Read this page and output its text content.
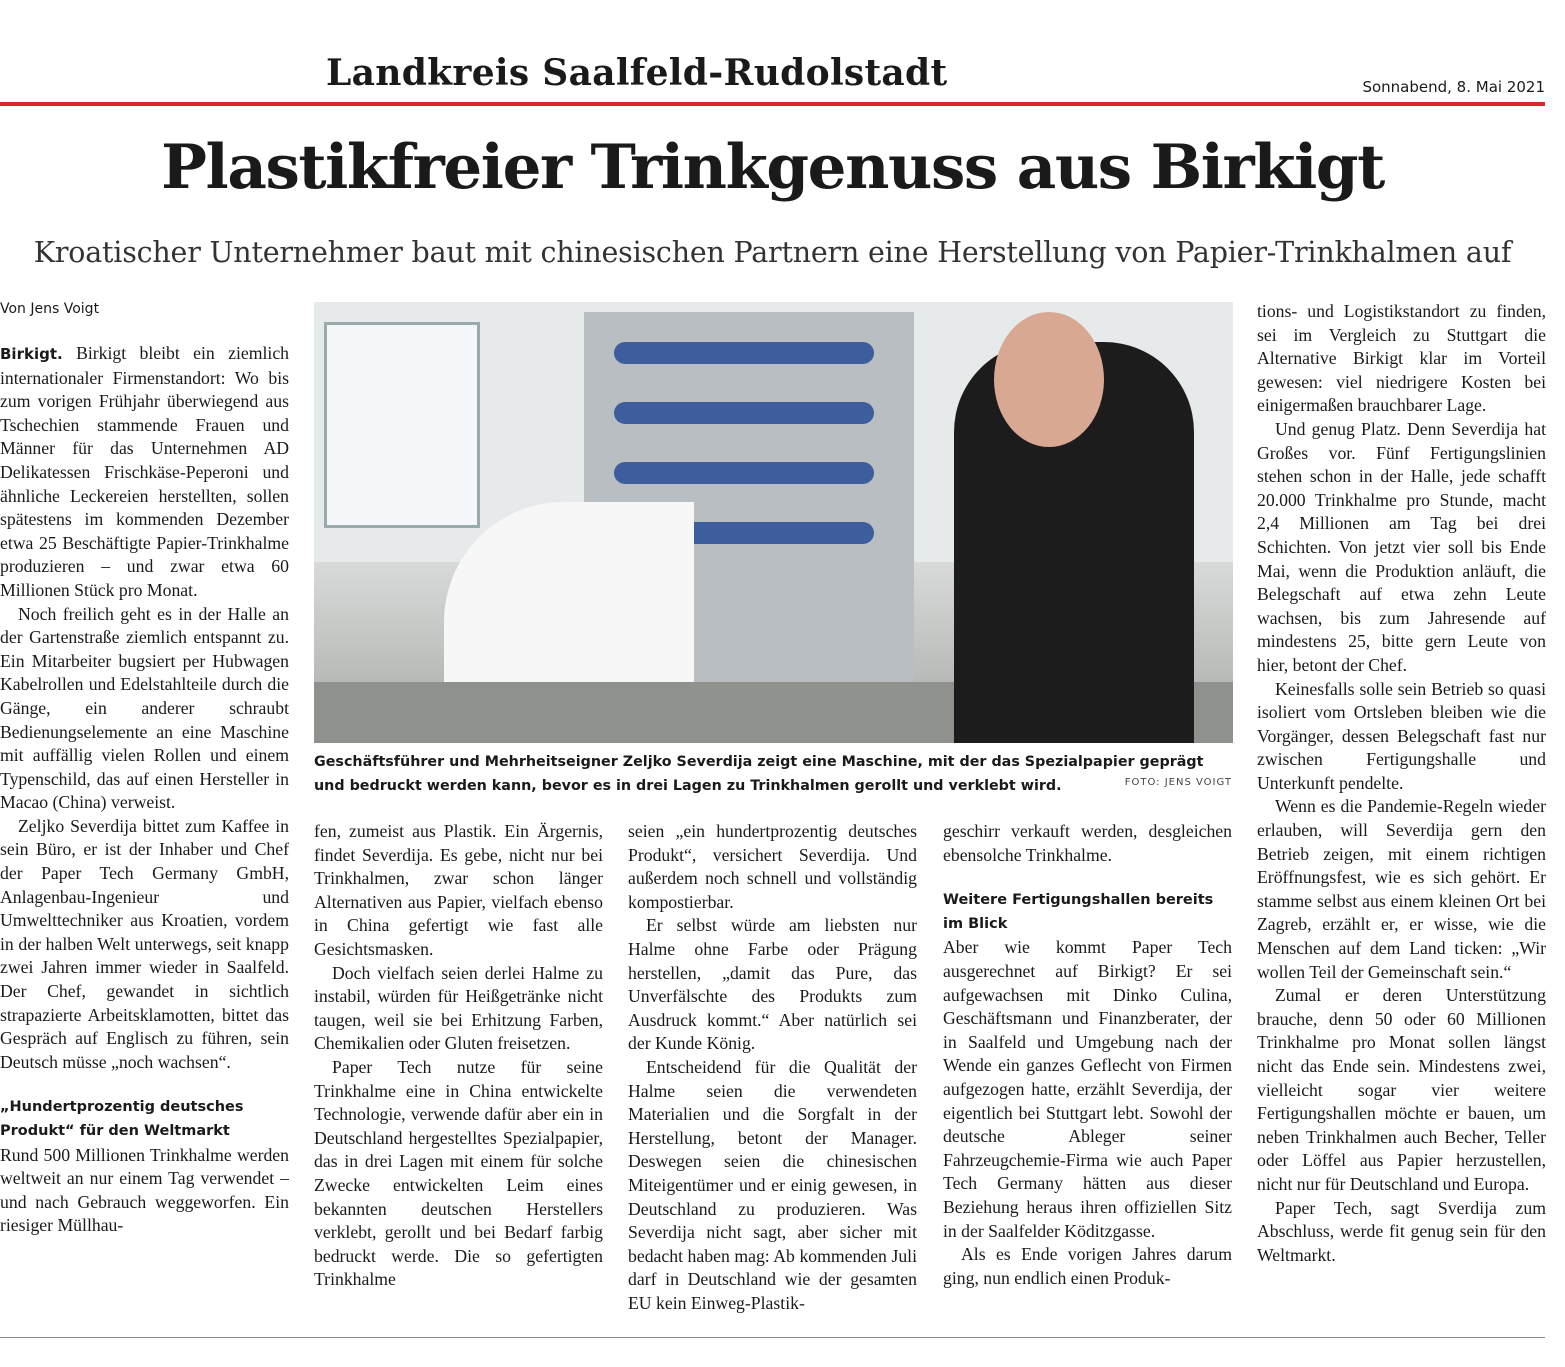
Landkreis Saalfeld-Rudolstadt	Sonnabend, 8. Mai 2021
Plastikfreier Trinkgenuss aus Birkigt
Kroatischer Unternehmer baut mit chinesischen Partnern eine Herstellung von Papier-Trinkhalmen auf
Von Jens Voigt

Birkigt. Birkigt bleibt ein ziemlich internationaler Firmenstandort: Wo bis zum vorigen Frühjahr überwiegend aus Tschechien stammende Frauen und Männer für das Unternehmen AD Delikatessen Frischkäse-Peperoni und ähnliche Leckereien herstellten, sollen spätestens im kommenden Dezember etwa 25 Beschäftigte Papier-Trinkhalme produzieren – und zwar etwa 60 Millionen Stück pro Monat.

Noch freilich geht es in der Halle an der Gartenstraße ziemlich entspannt zu. Ein Mitarbeiter bugsiert per Hubwagen Kabelrollen und Edelstahlteile durch die Gänge, ein anderer schraubt Bedienungselemente an eine Maschine mit auffällig vielen Rollen und einem Typenschild, das auf einen Hersteller in Macao (China) verweist.

Zeljko Severdija bittet zum Kaffee in sein Büro, er ist der Inhaber und Chef der Paper Tech Germany GmbH, Anlagenbau-Ingenieur und Umwelttechniker aus Kroatien, vordem in der halben Welt unterwegs, seit knapp zwei Jahren immer wieder in Saalfeld. Der Chef, gewandet in sichtlich strapazierte Arbeitsklamotten, bittet das Gespräch auf Englisch zu führen, sein Deutsch müsse „noch wachsen“.

„Hundertprozentig deutsches Produkt“ für den Weltmarkt

Rund 500 Millionen Trinkhalme werden weltweit an nur einem Tag verwendet – und nach Gebrauch weggeworfen. Ein riesiger Müllhau-

Geschäftsführer und Mehrheitseigner Zeljko Severdija zeigt eine Maschine, mit der das Spezialpapier geprägt und bedruckt werden kann, bevor es in drei Lagen zu Trinkhalmen gerollt und verklebt wird.	FOTO: JENS VOIGT

fen, zumeist aus Plastik. Ein Ärgernis, findet Severdija. Es gebe, nicht nur bei Trinkhalmen, zwar schon länger Alternativen aus Papier, vielfach ebenso in China gefertigt wie fast alle Gesichtsmasken.

Doch vielfach seien derlei Halme zu instabil, würden für Heißgetränke nicht taugen, weil sie bei Erhitzung Farben, Chemikalien oder Gluten freisetzen.

Paper Tech nutze für seine Trinkhalme eine in China entwickelte Technologie, verwende dafür aber ein in Deutschland hergestelltes Spezialpapier, das in drei Lagen mit einem für solche Zwecke entwickelten Leim eines bekannten deutschen Herstellers verklebt, gerollt und bei Bedarf farbig bedruckt werde. Die so gefertigten Trinkhalme

seien „ein hundertprozentig deutsches Produkt“, versichert Severdija. Und außerdem noch schnell und vollständig kompostierbar.

Er selbst würde am liebsten nur Halme ohne Farbe oder Prägung herstellen, „damit das Pure, das Unverfälschte des Produkts zum Ausdruck kommt.“ Aber natürlich sei der Kunde König.

Entscheidend für die Qualität der Halme seien die verwendeten Materialien und die Sorgfalt in der Herstellung, betont der Manager. Deswegen seien die chinesischen Miteigentümer und er einig gewesen, in Deutschland zu produzieren. Was Severdija nicht sagt, aber sicher mit bedacht haben mag: Ab kommenden Juli darf in Deutschland wie der gesamten EU kein Einweg-Plastik-

geschirr verkauft werden, desgleichen ebensolche Trinkhalme.

Weitere Fertigungshallen bereits im Blick

Aber wie kommt Paper Tech ausgerechnet auf Birkigt? Er sei aufgewachsen mit Dinko Culina, Geschäftsmann und Finanzberater, der in Saalfeld und Umgebung nach der Wende ein ganzes Geflecht von Firmen aufgezogen hatte, erzählt Severdija, der eigentlich bei Stuttgart lebt. Sowohl der deutsche Ableger seiner Fahrzeugchemie-Firma wie auch Paper Tech Germany hätten aus dieser Beziehung heraus ihren offiziellen Sitz in der Saalfelder Köditzgasse.

Als es Ende vorigen Jahres darum ging, nun endlich einen Produk-

tions- und Logistikstandort zu finden, sei im Vergleich zu Stuttgart die Alternative Birkigt klar im Vorteil gewesen: viel niedrigere Kosten bei einigermaßen brauchbarer Lage.

Und genug Platz. Denn Severdija hat Großes vor. Fünf Fertigungslinien stehen schon in der Halle, jede schafft 20.000 Trinkhalme pro Stunde, macht 2,4 Millionen am Tag bei drei Schichten. Von jetzt vier soll bis Ende Mai, wenn die Produktion anläuft, die Belegschaft auf etwa zehn Leute wachsen, bis zum Jahresende auf mindestens 25, bitte gern Leute von hier, betont der Chef.

Keinesfalls solle sein Betrieb so quasi isoliert vom Ortsleben bleiben wie die Vorgänger, dessen Belegschaft fast nur zwischen Fertigungshalle und Unterkunft pendelte.

Wenn es die Pandemie-Regeln wieder erlauben, will Severdija gern den Betrieb zeigen, mit einem richtigen Eröffnungsfest, wie es sich gehört. Er stamme selbst aus einem kleinen Ort bei Zagreb, erzählt er, er wisse, wie die Menschen auf dem Land ticken: „Wir wollen Teil der Gemeinschaft sein.“

Zumal er deren Unterstützung brauche, denn 50 oder 60 Millionen Trinkhalme pro Monat sollen längst nicht das Ende sein. Mindestens zwei, vielleicht sogar vier weitere Fertigungshallen möchte er bauen, um neben Trinkhalmen auch Becher, Teller oder Löffel aus Papier herzustellen, nicht nur für Deutschland und Europa.

Paper Tech, sagt Sverdija zum Abschluss, werde fit genug sein für den Weltmarkt.
